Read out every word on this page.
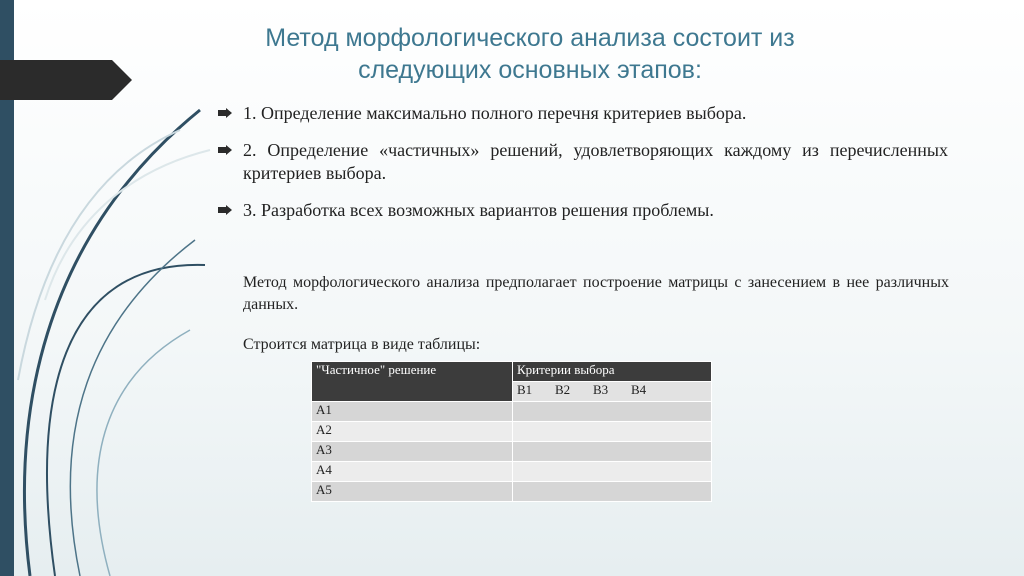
Метод морфологического анализа состоит из следующих основных этапов:
1. Определение максимально полного перечня критериев выбора.
2. Определение «частичных» решений, удовлетворяющих каждому из перечисленных критериев выбора.
3. Разработка всех возможных вариантов решения проблемы.
Метод морфологического анализа предполагает построение матрицы с занесением в нее различных данных.
Строится матрица в виде таблицы:
"Частичное" решение	Критерии выбора
	В1 В2 В3 В4
А1	
А2	
А3	
А4	
А5	
